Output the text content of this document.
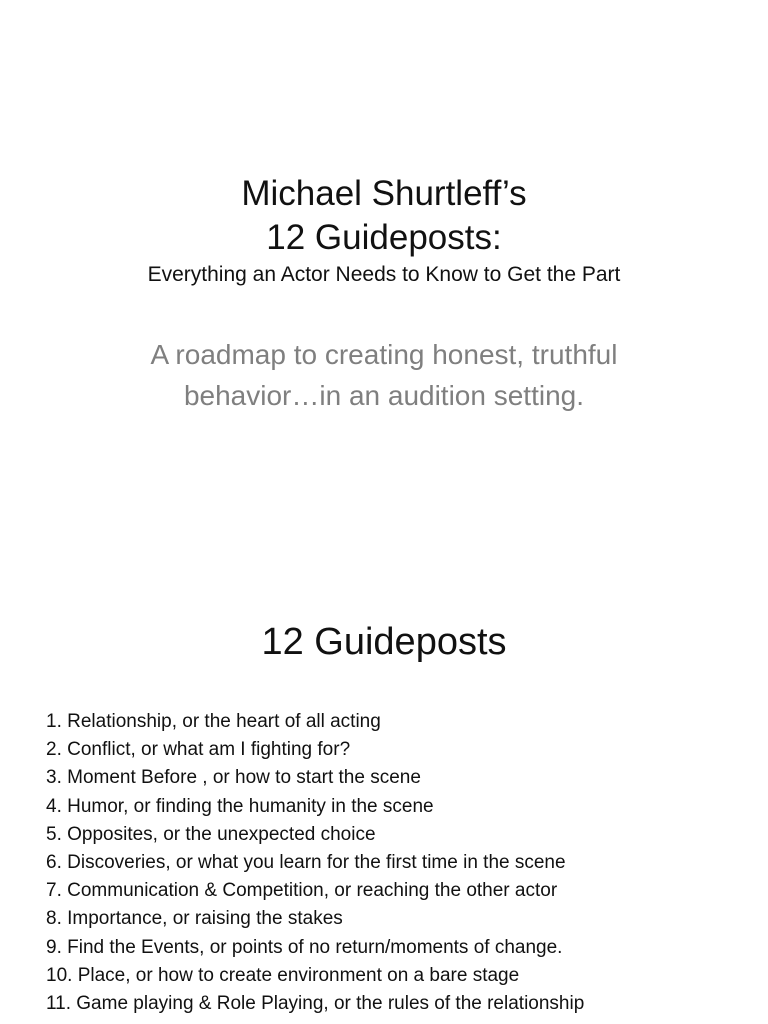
Michael Shurtleff’s
12 Guideposts:
Everything an Actor Needs to Know to Get the Part
A roadmap to creating honest, truthful
behavior…in an audition setting.
12 Guideposts
1. Relationship, or the heart of all acting
2. Conflict, or what am I fighting for?
3. Moment Before , or how to start the scene
4. Humor, or finding the humanity in the scene
5. Opposites, or the unexpected choice
6. Discoveries, or what you learn for the first time in the scene
7. Communication & Competition, or reaching the other actor
8. Importance, or raising the stakes
9. Find the Events, or points of no return/moments of change.
10. Place, or how to create environment on a bare stage
11. Game playing & Role Playing, or the rules of the relationship
